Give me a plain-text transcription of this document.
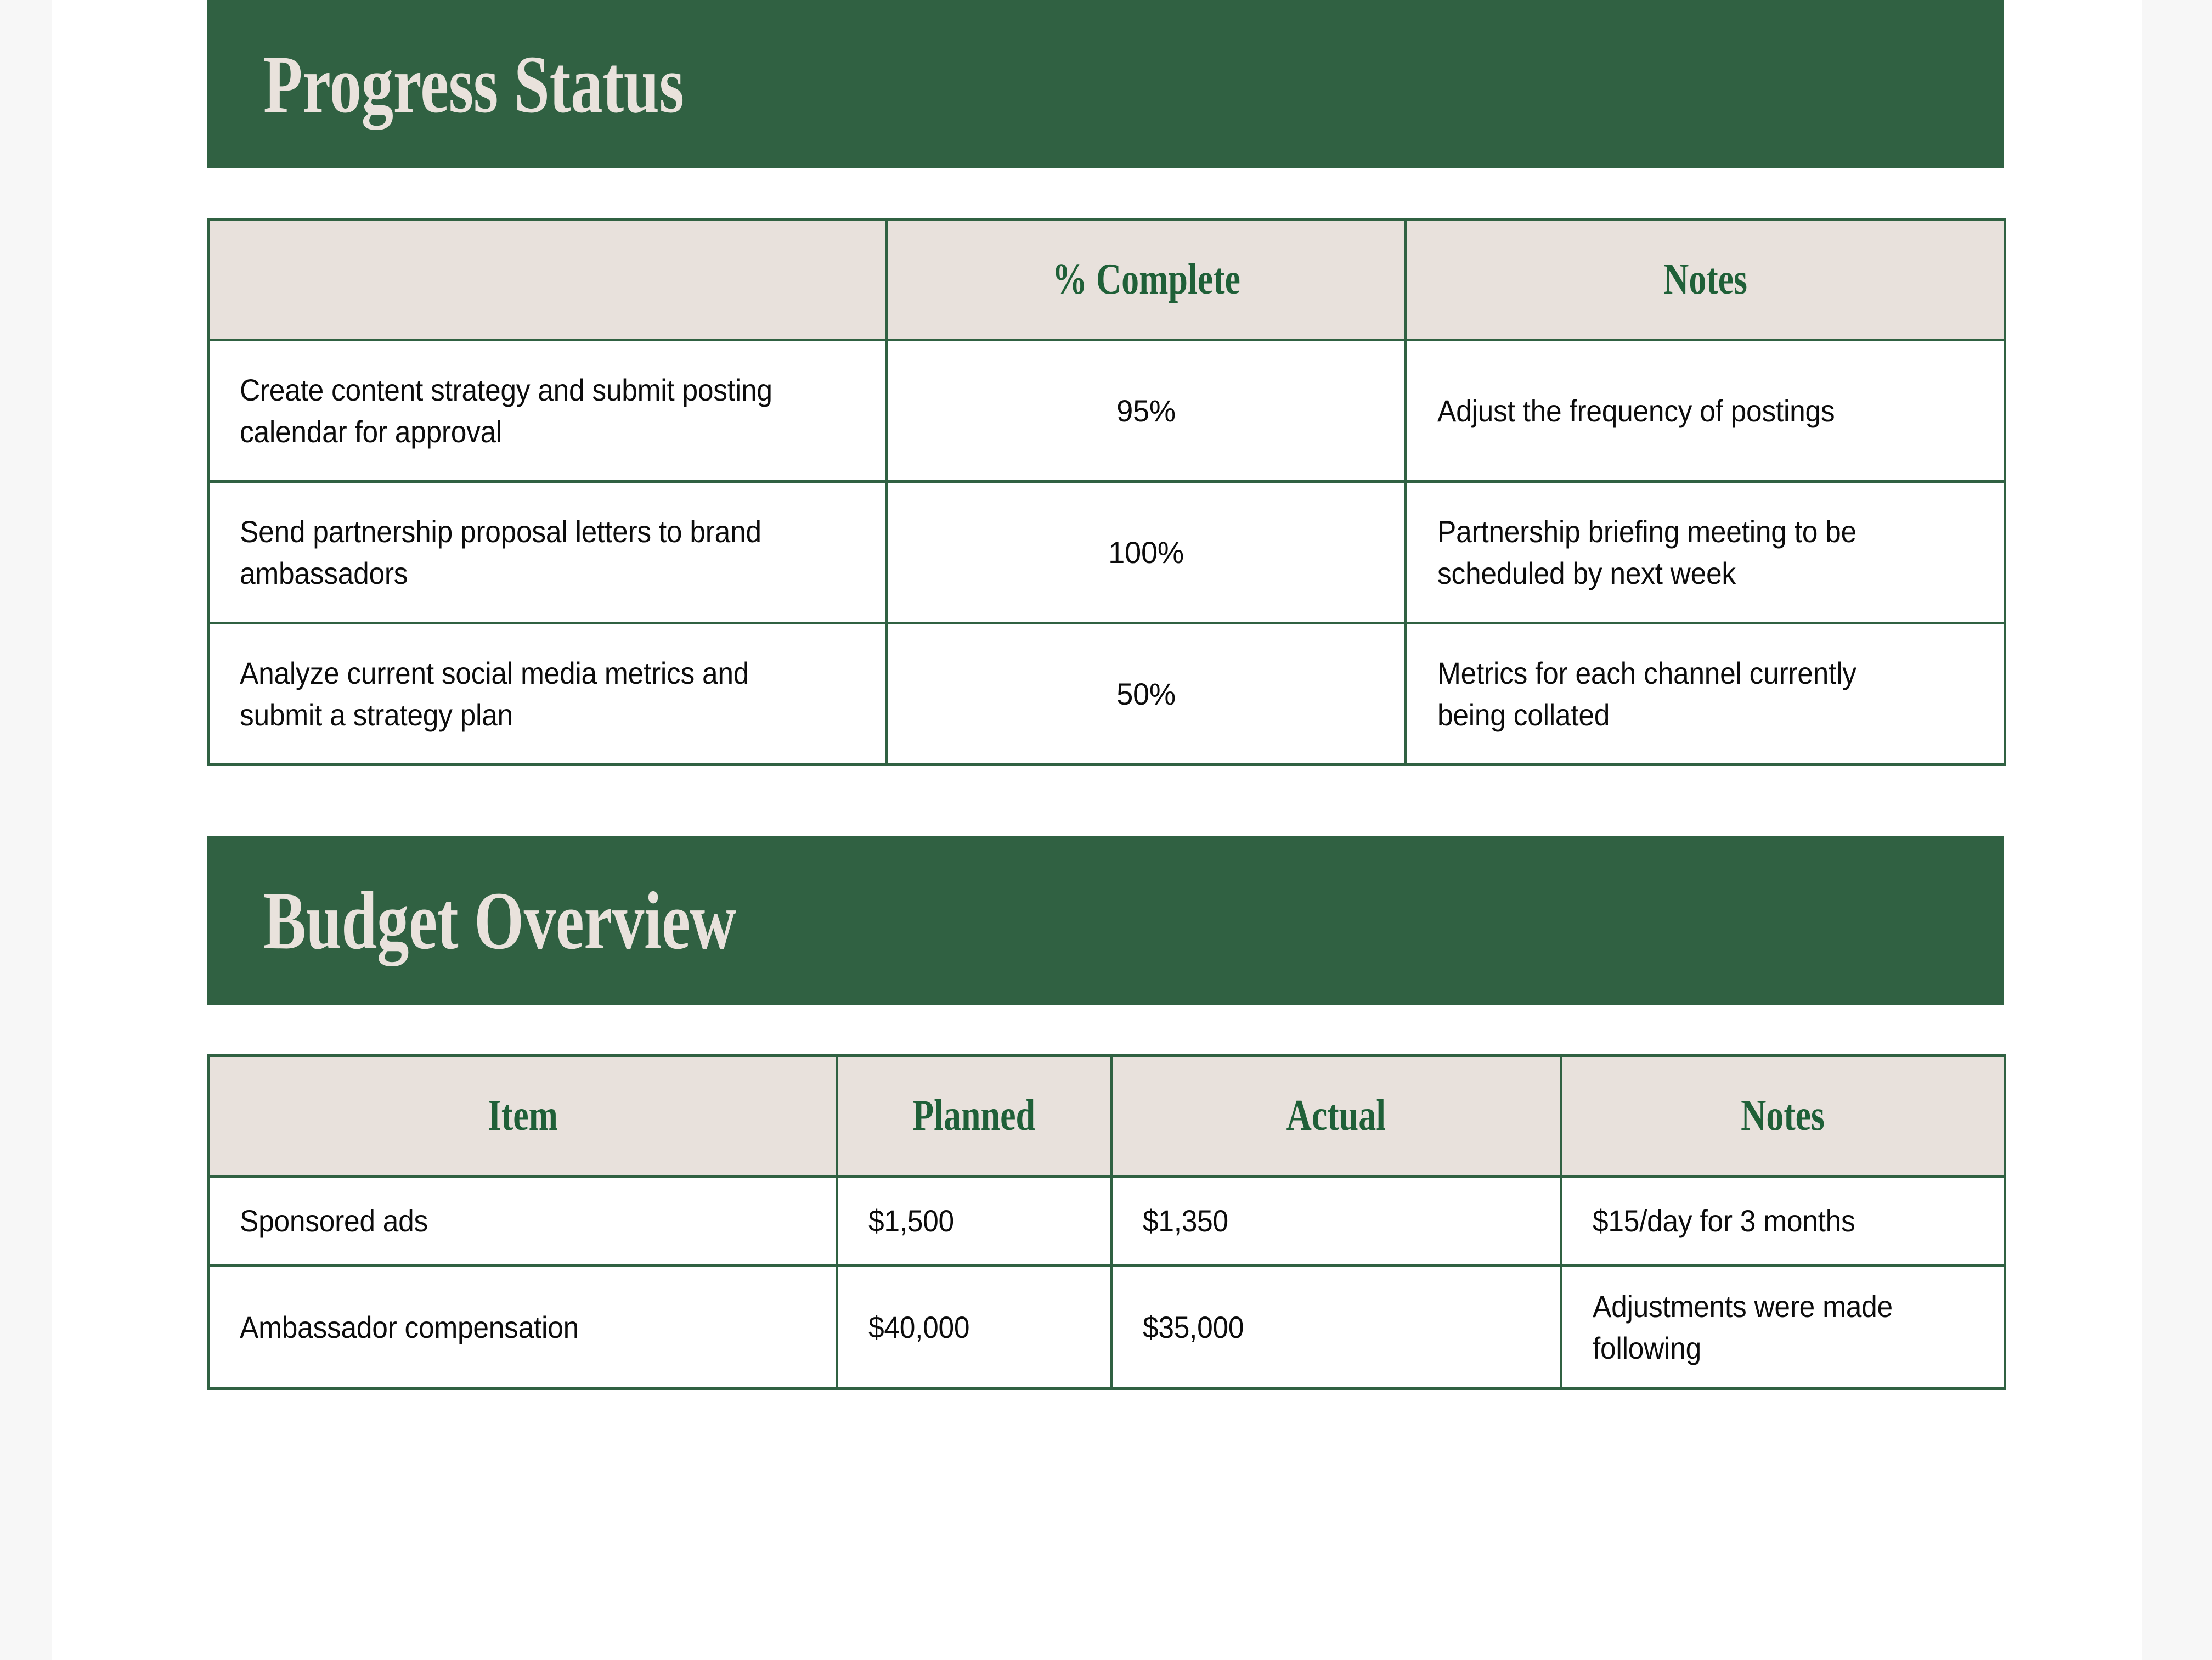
Progress Status
	% Complete	Notes

Create content strategy and submit posting calendar for approval	95%	Adjust the frequency of postings

Send partnership proposal letters to brand ambassadors	100%	Partnership briefing meeting to be scheduled by next week

Analyze current social media metrics and submit a strategy plan	50%	Metrics for each channel currently being collated
Budget Overview
Item	Planned	Actual	Notes

Sponsored ads	$1,500	$1,350	$15/day for 3 months

Ambassador compensation	$40,000	$35,000	Adjustments were made following
